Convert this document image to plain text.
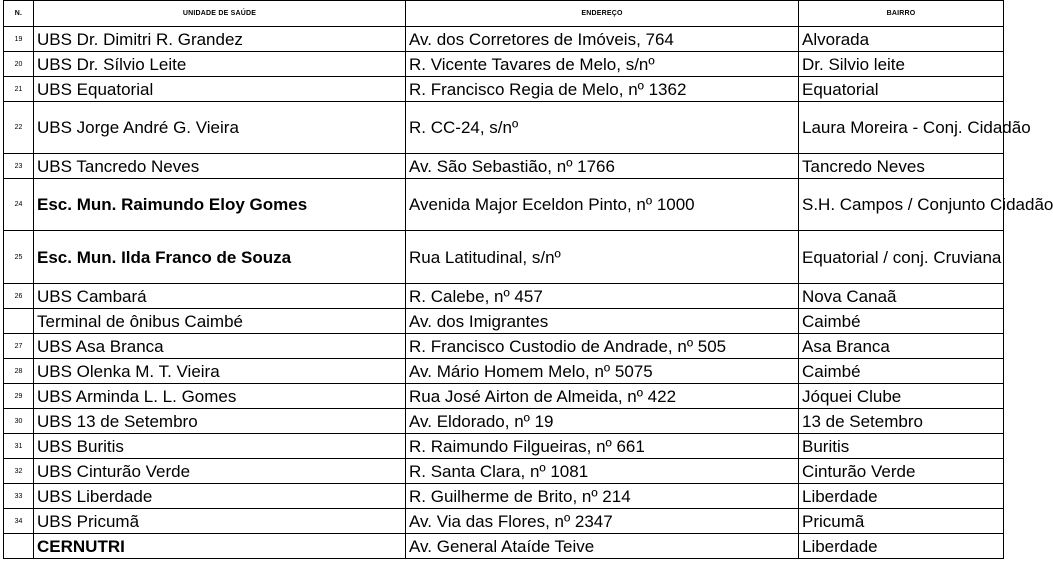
N.	UNIDADE DE SAÚDE	ENDEREÇO	BAIRRO
19	UBS Dr. Dimitri R. Grandez	Av. dos Corretores de Imóveis, 764	Alvorada
20	UBS Dr. Sílvio Leite	R. Vicente Tavares de Melo, s/nº	Dr. Silvio leite
21	UBS Equatorial	R. Francisco Regia de Melo, nº 1362	Equatorial
22	UBS Jorge André G. Vieira	R. CC-24, s/nº	Laura Moreira - Conj. Cidadão
23	UBS Tancredo Neves	Av. São Sebastião, nº 1766	Tancredo Neves
24	Esc. Mun. Raimundo Eloy Gomes	Avenida Major Eceldon Pinto, nº 1000	S.H. Campos / Conjunto Cidadão
25	Esc. Mun. Ilda Franco de Souza	Rua Latitudinal, s/nº	Equatorial / conj. Cruviana
26	UBS Cambará	R. Calebe, nº 457	Nova Canaã
	Terminal de ônibus Caimbé	Av. dos Imigrantes	Caimbé
27	UBS Asa Branca	R. Francisco Custodio de Andrade, nº 505	Asa Branca
28	UBS Olenka M. T. Vieira	Av. Mário Homem Melo, nº 5075	Caimbé
29	UBS Arminda L. L. Gomes	Rua José Airton de Almeida, nº 422	Jóquei Clube
30	UBS 13 de Setembro	Av. Eldorado, nº 19	13 de Setembro
31	UBS Buritis	R. Raimundo Filgueiras, nº 661	Buritis
32	UBS Cinturão Verde	R. Santa Clara, nº 1081	Cinturão Verde
33	UBS Liberdade	R. Guilherme de Brito, nº 214	Liberdade
34	UBS Pricumã	Av. Via das Flores, nº 2347	Pricumã
	CERNUTRI	Av. General Ataíde Teive	Liberdade
